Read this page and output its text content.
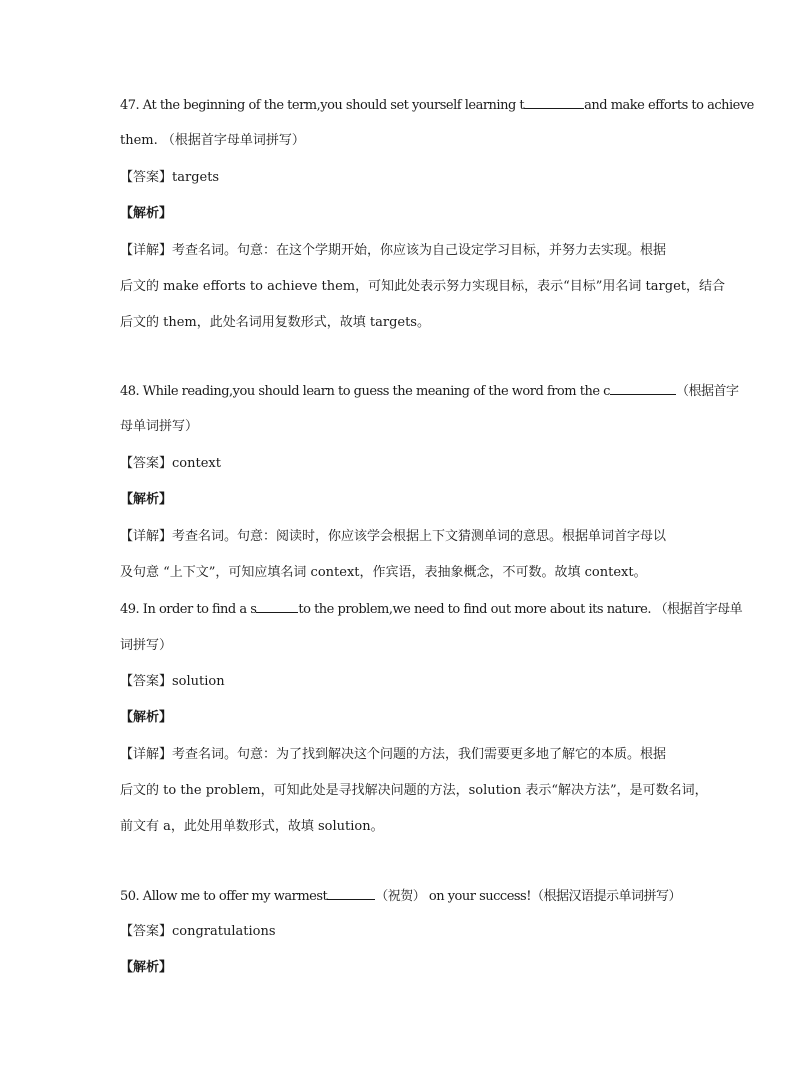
47. At the beginning of the term,you should set yourself learning t	and make efforts to achieve
them. （根据首字母单词拼写）
【答案】targets
【解析】
【详解】考查名词。句意：在这个学期开始，你应该为自己设定学习目标，并努力去实现。根据
后文的 make efforts to achieve them，可知此处表示努力实现目标，表示“目标”用名词 target，结合
后文的 them，此处名词用复数形式，故填 targets。
48. While reading,you should learn to guess the meaning of the word from the c	（根据首字
母单词拼写）
【答案】context
【解析】
【详解】考查名词。句意：阅读时，你应该学会根据上下文猜测单词的意思。根据单词首字母以
及句意 “上下文”，可知应填名词 context，作宾语，表抽象概念，不可数。故填 context。
49. In order to find a s	to the problem,we need to find out more about its nature. （根据首字母单
词拼写）
【答案】solution
【解析】
【详解】考查名词。句意：为了找到解决这个问题的方法，我们需要更多地了解它的本质。根据
后文的 to the problem，可知此处是寻找解决问题的方法，solution 表示“解决方法”，是可数名词，
前文有 a，此处用单数形式，故填 solution。
50. Allow me to offer my warmest	（祝贺） on your success!（根据汉语提示单词拼写）
【答案】congratulations
【解析】
